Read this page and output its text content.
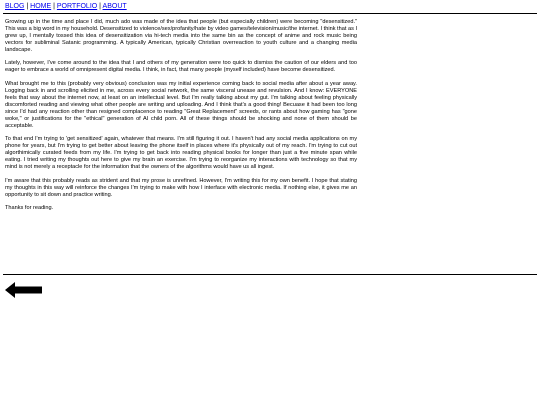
BLOG | HOME | PORTFOLIO | ABOUT

Growing up in the time and place I did, much ado was made of the idea that people (but especially children) were becoming "desensitized." This was a big word in my household. Desensitized to violence/sex/profanity/hate by video games/television/music/the internet. I think that as I grew up, I mentally tossed this idea of desensitization via hi-tech media into the same bin as the concept of anime and rock music being vectors for subliminal Satanic programming. A typically American, typically Christian overreaction to youth culture and a changing media landscape.

Lately, however, I've come around to the idea that I and others of my generation were too quick to dismiss the caution of our elders and too eager to embrace a world of omnipresent digital media. I think, in fact, that many people (myself included) have become desensitized.

What brought me to this (probably very obvious) conclusion was my initial experience coming back to social media after about a year away. Logging back in and scrolling elicited in me, across every social network, the same visceral unease and revulsion. And I know: EVERYONE feels that way about the internet now, at least on an intellectual level. But I'm really talking about my gut. I'm talking about feeling physically discomforted reading and viewing what other people are writing and uploading. And I think that's a good thing! Becuase it had been too long since I'd had any reaction other than resigned complacence to reading "Great Replacement" screeds, or rants about how gaming has "gone woke," or justifications for the "ethical" generation of AI child porn. All of these things should be shocking and none of them should be acceptable.

To that end I'm trying to 'get sensitized' again, whatever that means. I'm still figuring it out. I haven't had any social media applications on my phone for years, but I'm trying to get better about leaving the phone itself in places where it's physically out of my reach. I'm trying to cut out algorthimically curated feeds from my life. I'm trying to get back into reading physical books for longer than just a five minute span while eating. I tried writing my thoughts out here to give my brain an exercise. I'm trying to reorganize my interactions with technology so that my mind is not merely a receptacle for the information that the owners of the algorithms would have us all ingest.

I'm aware that this probably reads as strident and that my prose is unrefined. However, I'm writing this for my own benefit. I hope that stating my thoughts in this way will reinforce the changes I'm trying to make with how I interface with electronic media. If nothing else, it gives me an opportunity to sit down and practice writing.

Thanks for reading.
